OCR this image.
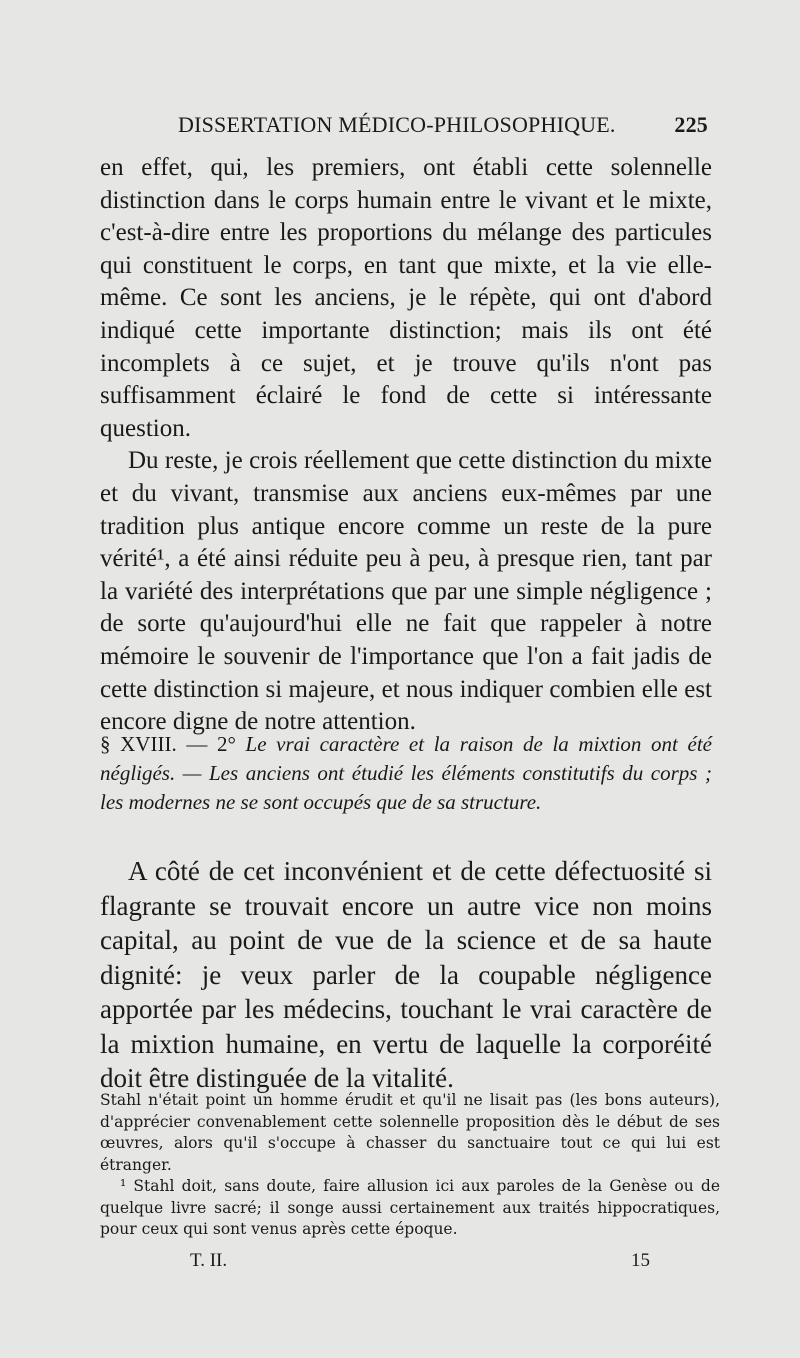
DISSERTATION MÉDICO-PHILOSOPHIQUE.	225

en effet, qui, les premiers, ont établi cette solennelle distinction dans le corps humain entre le vivant et le mixte, c'est-à-dire entre les proportions du mélange des particules qui constituent le corps, en tant que mixte, et la vie elle-même. Ce sont les anciens, je le répète, qui ont d'abord indiqué cette importante distinction; mais ils ont été incomplets à ce sujet, et je trouve qu'ils n'ont pas suffisamment éclairé le fond de cette si intéressante question.

Du reste, je crois réellement que cette distinction du mixte et du vivant, transmise aux anciens eux-mêmes par une tradition plus antique encore comme un reste de la pure vérité¹, a été ainsi réduite peu à peu, à presque rien, tant par la variété des interprétations que par une simple négligence ; de sorte qu'aujourd'hui elle ne fait que rappeler à notre mémoire le souvenir de l'importance que l'on a fait jadis de cette distinction si majeure, et nous indiquer combien elle est encore digne de notre attention.

§ XVIII. — 2° Le vrai caractère et la raison de la mixtion ont été négligés. — Les anciens ont étudié les éléments constitutifs du corps ; les modernes ne se sont occupés que de sa structure.

A côté de cet inconvénient et de cette défectuosité si flagrante se trouvait encore un autre vice non moins capital, au point de vue de la science et de sa haute dignité: je veux parler de la coupable négligence apportée par les médecins, touchant le vrai caractère de la mixtion humaine, en vertu de laquelle la corporéité doit être distinguée de la vitalité.

Stahl n'était point un homme érudit et qu'il ne lisait pas (les bons auteurs), d'apprécier convenablement cette solennelle proposition dès le début de ses œuvres, alors qu'il s'occupe à chasser du sanctuaire tout ce qui lui est étranger.

¹ Stahl doit, sans doute, faire allusion ici aux paroles de la Genèse ou de quelque livre sacré; il songe aussi certainement aux traités hippocratiques, pour ceux qui sont venus après cette époque.

T. II.	15
